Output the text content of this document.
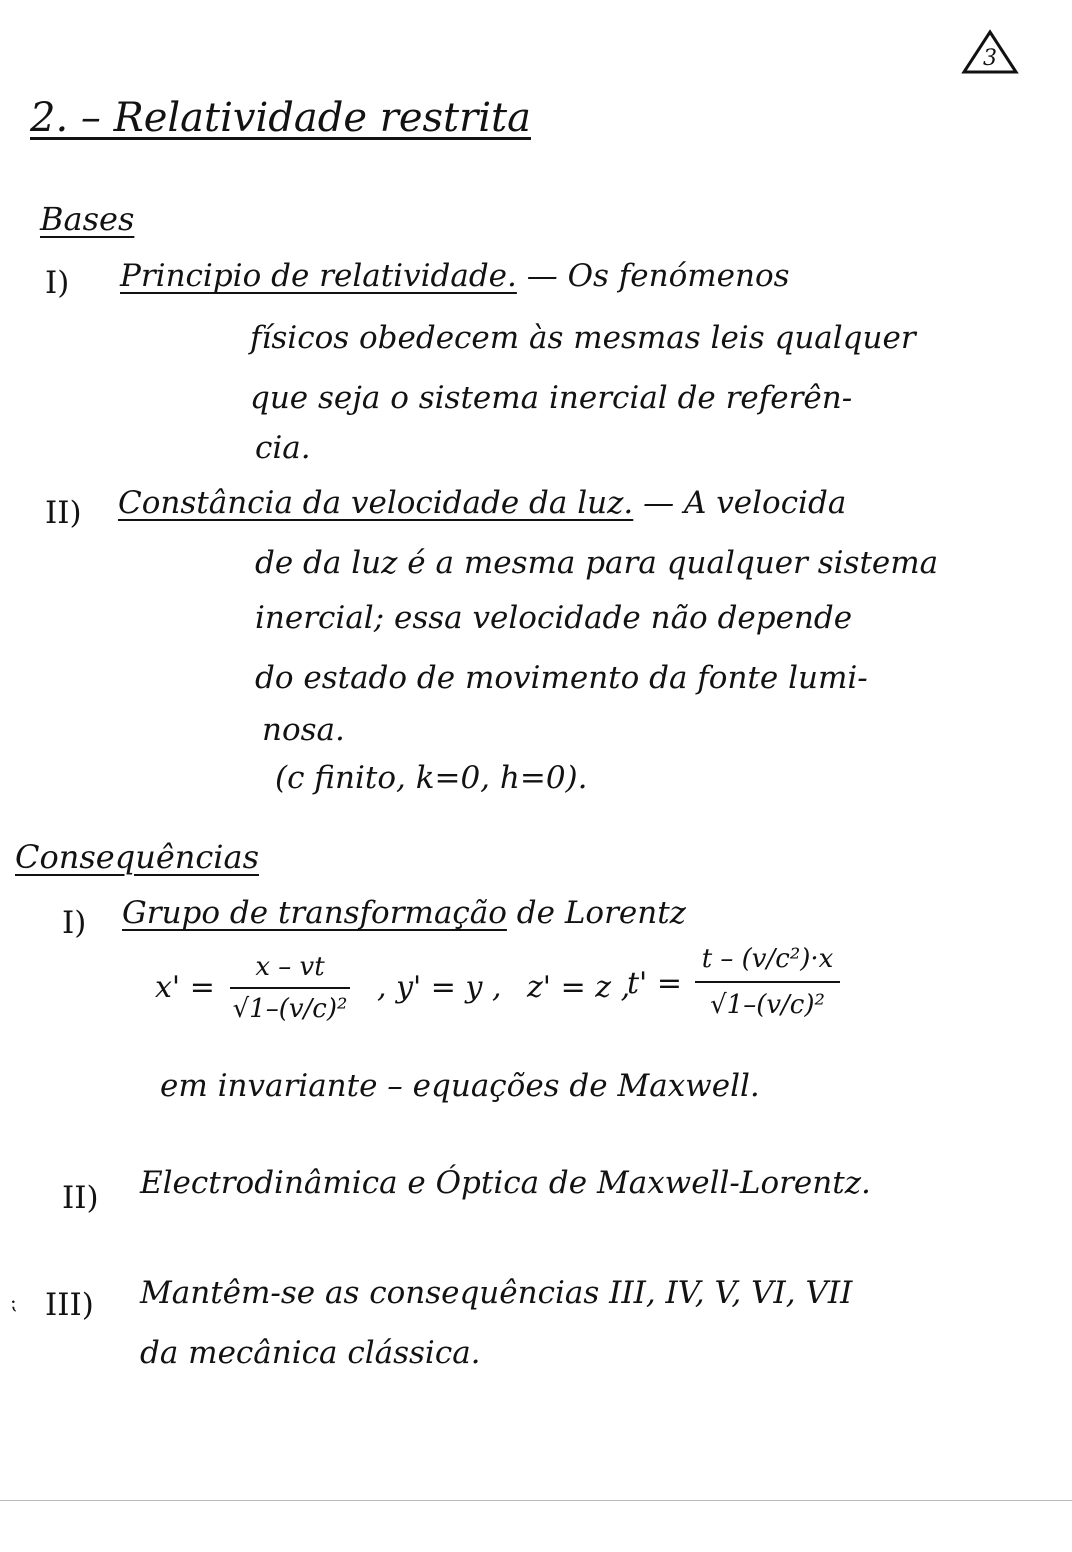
3
2. – Relatividade restrita
Bases
I) Principio de relatividade. — Os fenómenos
físicos obedecem às mesmas leis qualquer
que seja o sistema inercial de referên-
cia.
II) Constância da velocidade da luz. — A velocida
de da luz é a mesma para qualquer sistema
inercial; essa velocidade não depende
do estado de movimento da fonte lumi-
nosa.
(c finito, k=0, h=0).
Consequências
I) Grupo de transformação de Lorentz
x' =
x – vt
√1–(v/c)²
, y' = y , z' = z ,
t' =
t – (v/c²)·x
√1–(v/c)²
em invariante – equações de Maxwell.
II) Electrodinâmica e Óptica de Maxwell-Lorentz.
⁏ III) Mantêm-se as consequências III, IV, V, VI, VII
da mecânica clássica.
